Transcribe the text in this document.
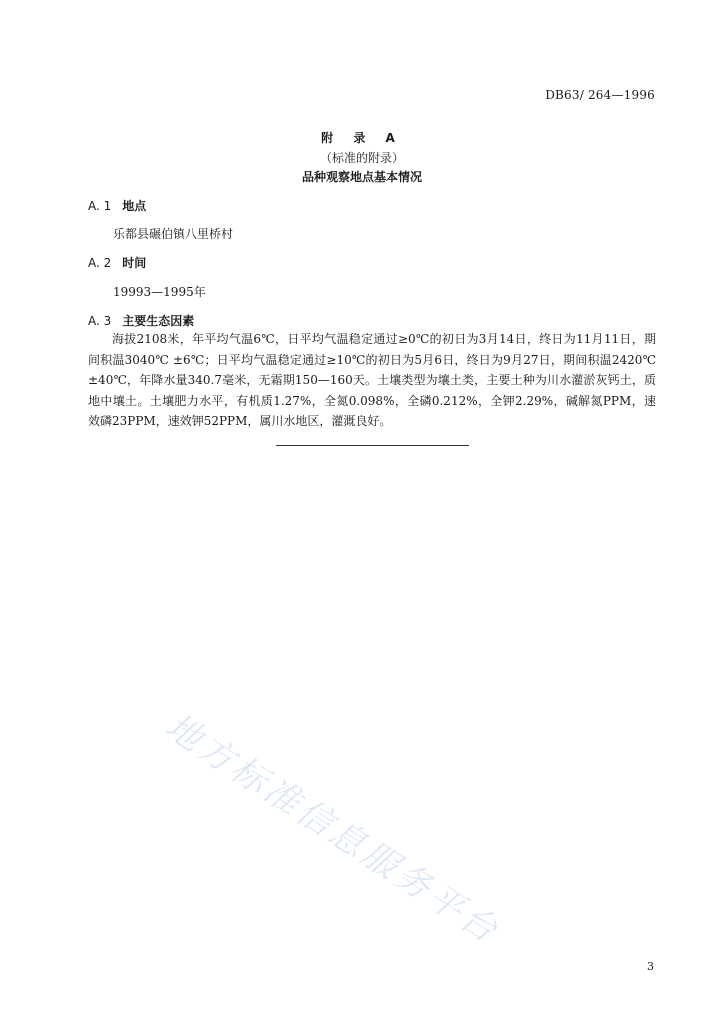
DB63/ 264—1996
附 录 A
（标准的附录）
品种观察地点基本情况
A. 1 地点
乐都县碾伯镇八里桥村
A. 2 时间
19993—1995年
A. 3 主要生态因素
海拔2108米，年平均气温6℃，日平均气温稳定通过≥0℃的初日为3月14日，终日为11月11日，期间积温3040℃ ±6℃；日平均气温稳定通过≥10℃的初日为5月6日，终日为9月27日，期间积温2420℃ ±40℃，年降水量340.7毫米，无霜期150—160天。土壤类型为壤土类，主要土种为川水灌淤灰钙土，质地中壤土。土壤肥力水平，有机质1.27%，全氮0.098%，全磷0.212%，全钾2.29%，碱解氮PPM，速效磷23PPM，速效钾52PPM，属川水地区，灌溉良好。
地方标准信息服务平台
3
